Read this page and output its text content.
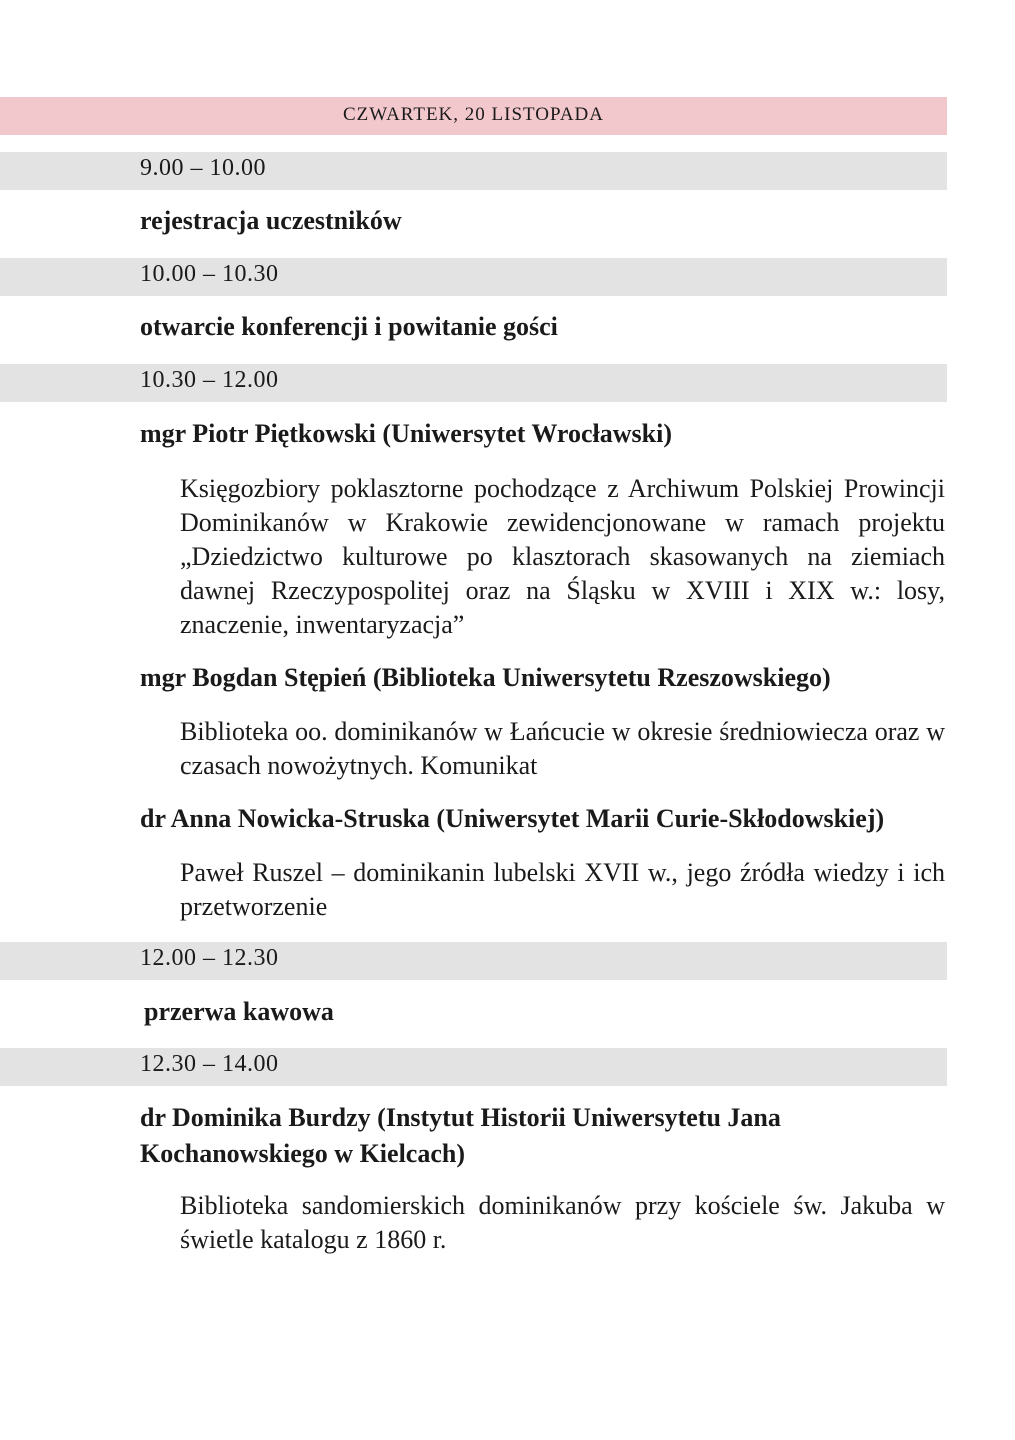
CZWARTEK, 20 LISTOPADA
9.00 – 10.00
rejestracja uczestników
10.00 – 10.30
otwarcie konferencji i powitanie gości
10.30 – 12.00
mgr Piotr Piętkowski (Uniwersytet Wrocławski)
Księgozbiory poklasztorne pochodzące z Archiwum Polskiej Prowincji Dominikanów w Krakowie zewidencjonowane w ramach projektu „Dziedzictwo kulturowe po klasztorach skasowanych na ziemiach dawnej Rzeczypospolitej oraz na Śląsku w XVIII i XIX w.: losy, znaczenie, inwentaryzacja”
mgr Bogdan Stępień (Biblioteka Uniwersytetu Rzeszowskiego)
Biblioteka oo. dominikanów w Łańcucie w okresie średniowiecza oraz w czasach nowożytnych. Komunikat
dr Anna Nowicka-Struska (Uniwersytet Marii Curie-Skłodowskiej)
Paweł Ruszel – dominikanin lubelski XVII w., jego źródła wiedzy i ich przetworzenie
12.00 – 12.30
przerwa kawowa
12.30 – 14.00
dr Dominika Burdzy (Instytut Historii Uniwersytetu Jana Kochanowskiego w Kielcach)
Biblioteka sandomierskich dominikanów przy kościele św. Jakuba w świetle katalogu z 1860 r.
